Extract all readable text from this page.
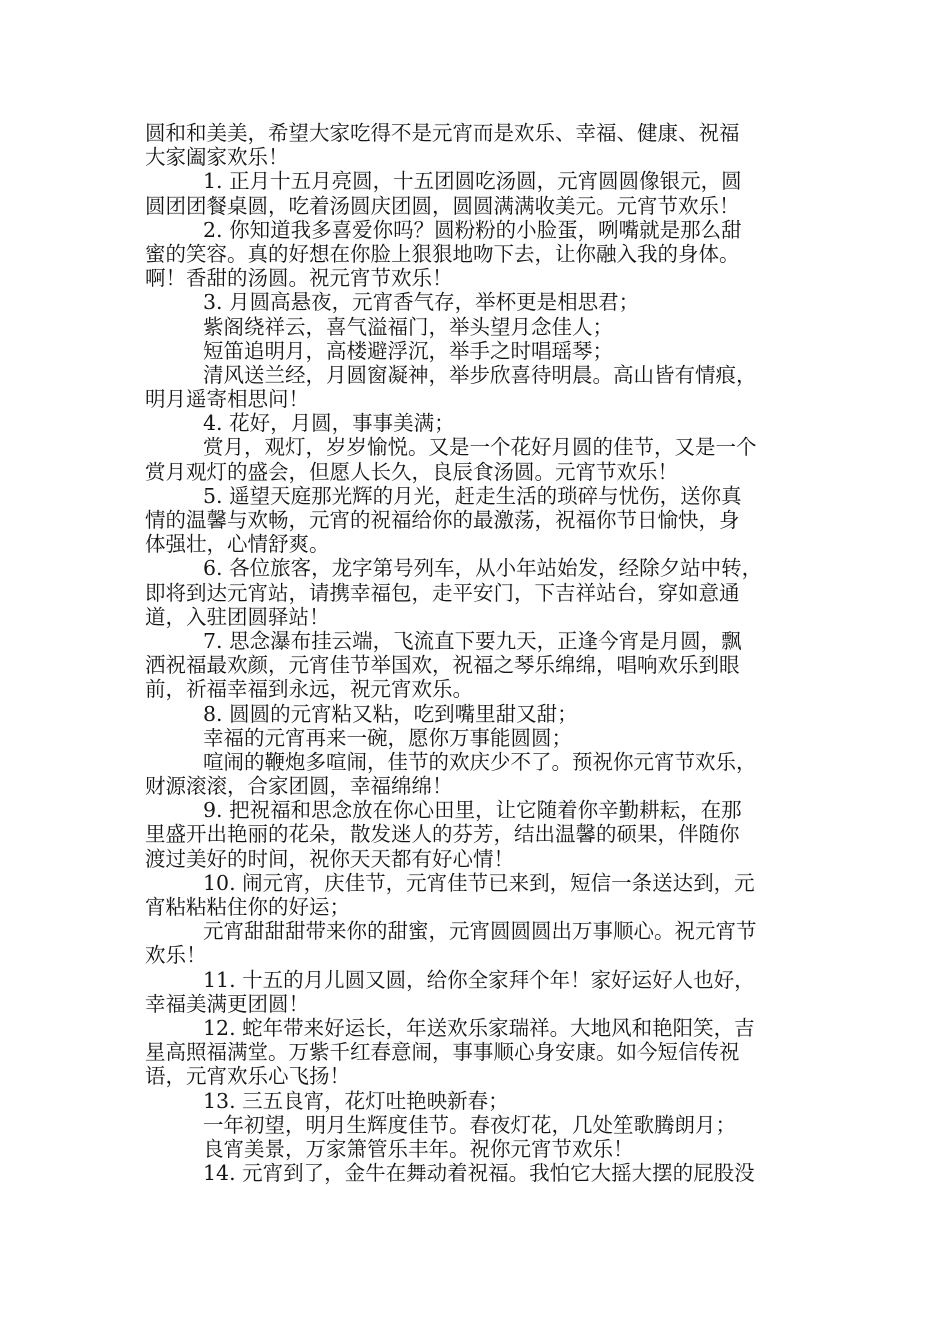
圆和和美美，希望大家吃得不是元宵而是欢乐、幸福、健康、祝福
大家阖家欢乐！
1. 正月十五月亮圆，十五团圆吃汤圆，元宵圆圆像银元，圆
圆团团餐桌圆，吃着汤圆庆团圆，圆圆满满收美元。元宵节欢乐！
2. 你知道我多喜爱你吗？圆粉粉的小脸蛋，咧嘴就是那么甜
蜜的笑容。真的好想在你脸上狠狠地吻下去，让你融入我的身体。
啊！香甜的汤圆。祝元宵节欢乐！
3. 月圆高悬夜，元宵香气存，举杯更是相思君；
紫阁绕祥云，喜气溢福门，举头望月念佳人；
短笛追明月，高楼避浮沉，举手之时唱瑶琴；
清风送兰经，月圆窗凝神，举步欣喜待明晨。高山皆有情痕，
明月遥寄相思问！
4. 花好，月圆，事事美满；
赏月，观灯，岁岁愉悦。又是一个花好月圆的佳节，又是一个
赏月观灯的盛会，但愿人长久，良辰食汤圆。元宵节欢乐！
5. 遥望天庭那光辉的月光，赶走生活的琐碎与忧伤，送你真
情的温馨与欢畅，元宵的祝福给你的最激荡，祝福你节日愉快，身
体强壮，心情舒爽。
6. 各位旅客，龙字第号列车，从小年站始发，经除夕站中转，
即将到达元宵站，请携幸福包，走平安门，下吉祥站台，穿如意通
道，入驻团圆驿站！
7. 思念瀑布挂云端，飞流直下要九天，正逢今宵是月圆，飘
洒祝福最欢颜，元宵佳节举国欢，祝福之琴乐绵绵，唱响欢乐到眼
前，祈福幸福到永远，祝元宵欢乐。
8. 圆圆的元宵粘又粘，吃到嘴里甜又甜；
幸福的元宵再来一碗，愿你万事能圆圆；
喧闹的鞭炮多喧闹，佳节的欢庆少不了。预祝你元宵节欢乐，
财源滚滚，合家团圆，幸福绵绵！
9. 把祝福和思念放在你心田里，让它随着你辛勤耕耘，在那
里盛开出艳丽的花朵，散发迷人的芬芳，结出温馨的硕果，伴随你
渡过美好的时间，祝你天天都有好心情！
10. 闹元宵，庆佳节，元宵佳节已来到，短信一条送达到，元
宵粘粘粘住你的好运；
元宵甜甜甜带来你的甜蜜，元宵圆圆圆出万事顺心。祝元宵节
欢乐！
11. 十五的月儿圆又圆，给你全家拜个年！家好运好人也好，
幸福美满更团圆！
12. 蛇年带来好运长，年送欢乐家瑞祥。大地风和艳阳笑，吉
星高照福满堂。万紫千红春意闹，事事顺心身安康。如今短信传祝
语，元宵欢乐心飞扬！
13. 三五良宵，花灯吐艳映新春；
一年初望，明月生辉度佳节。春夜灯花，几处笙歌腾朗月；
良宵美景，万家箫管乐丰年。祝你元宵节欢乐！
14. 元宵到了，金牛在舞动着祝福。我怕它大摇大摆的屁股没
